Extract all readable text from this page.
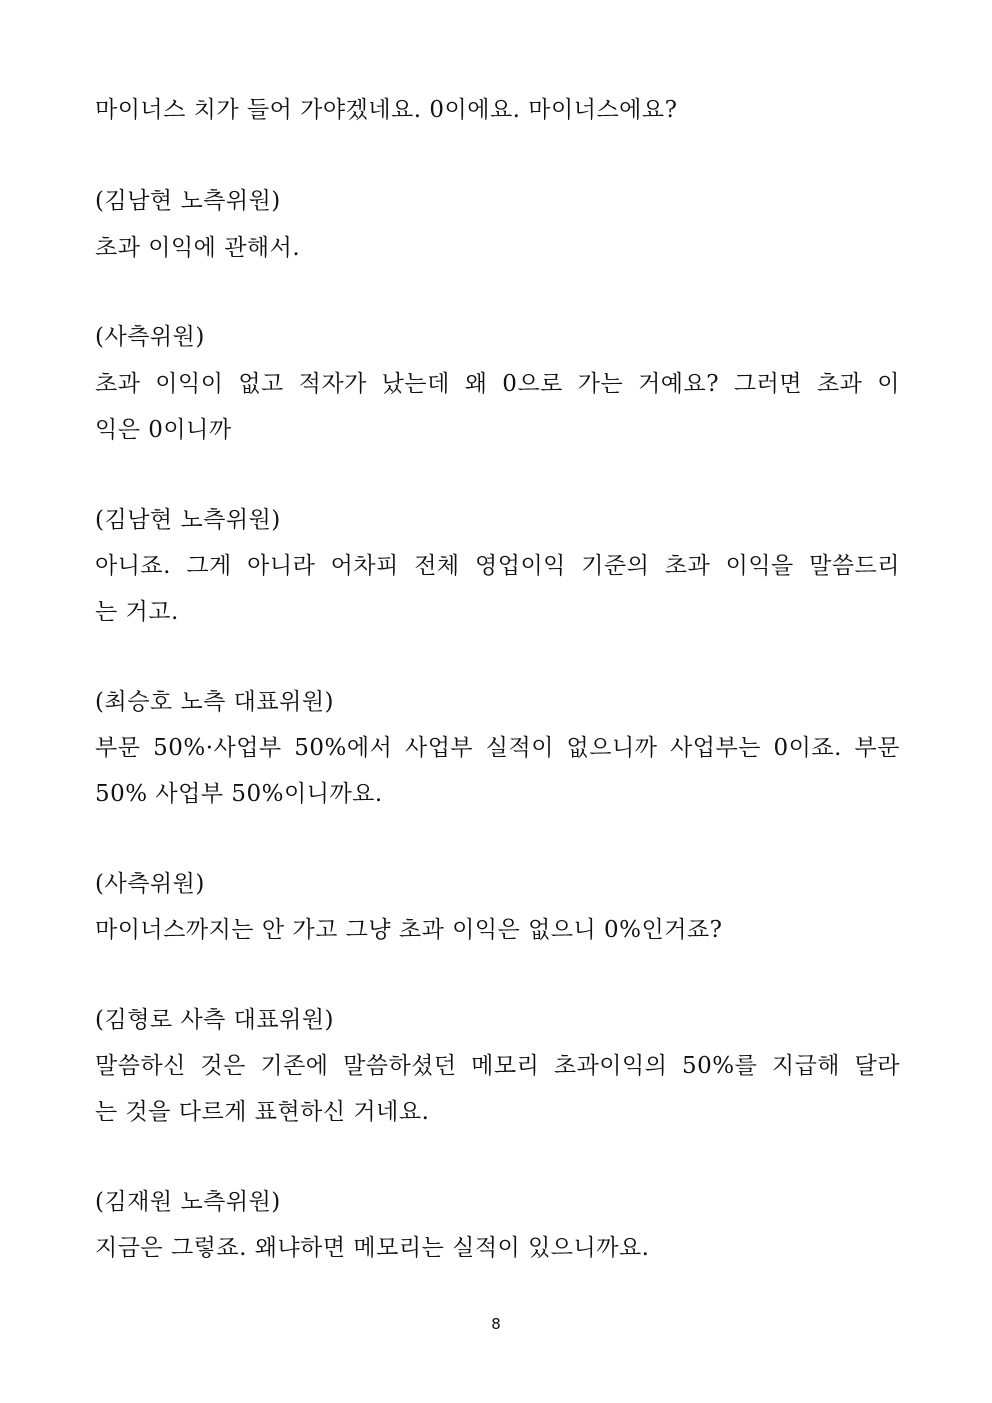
마이너스 치가 들어 가야겠네요. 0이에요. 마이너스에요?
(김남현 노측위원)
초과 이익에 관해서.
(사측위원)
초과 이익이 없고 적자가 났는데 왜 0으로 가는 거예요? 그러면 초과 이
익은 0이니까
(김남현 노측위원)
아니죠. 그게 아니라 어차피 전체 영업이익 기준의 초과 이익을 말씀드리
는 거고.
(최승호 노측 대표위원)
부문 50%·사업부 50%에서 사업부 실적이 없으니까 사업부는 0이죠. 부문
50% 사업부 50%이니까요.
(사측위원)
마이너스까지는 안 가고 그냥 초과 이익은 없으니 0%인거죠?
(김형로 사측 대표위원)
말씀하신 것은 기존에 말씀하셨던 메모리 초과이익의 50%를 지급해 달라
는 것을 다르게 표현하신 거네요.
(김재원 노측위원)
지금은 그렇죠. 왜냐하면 메모리는 실적이 있으니까요.
8
